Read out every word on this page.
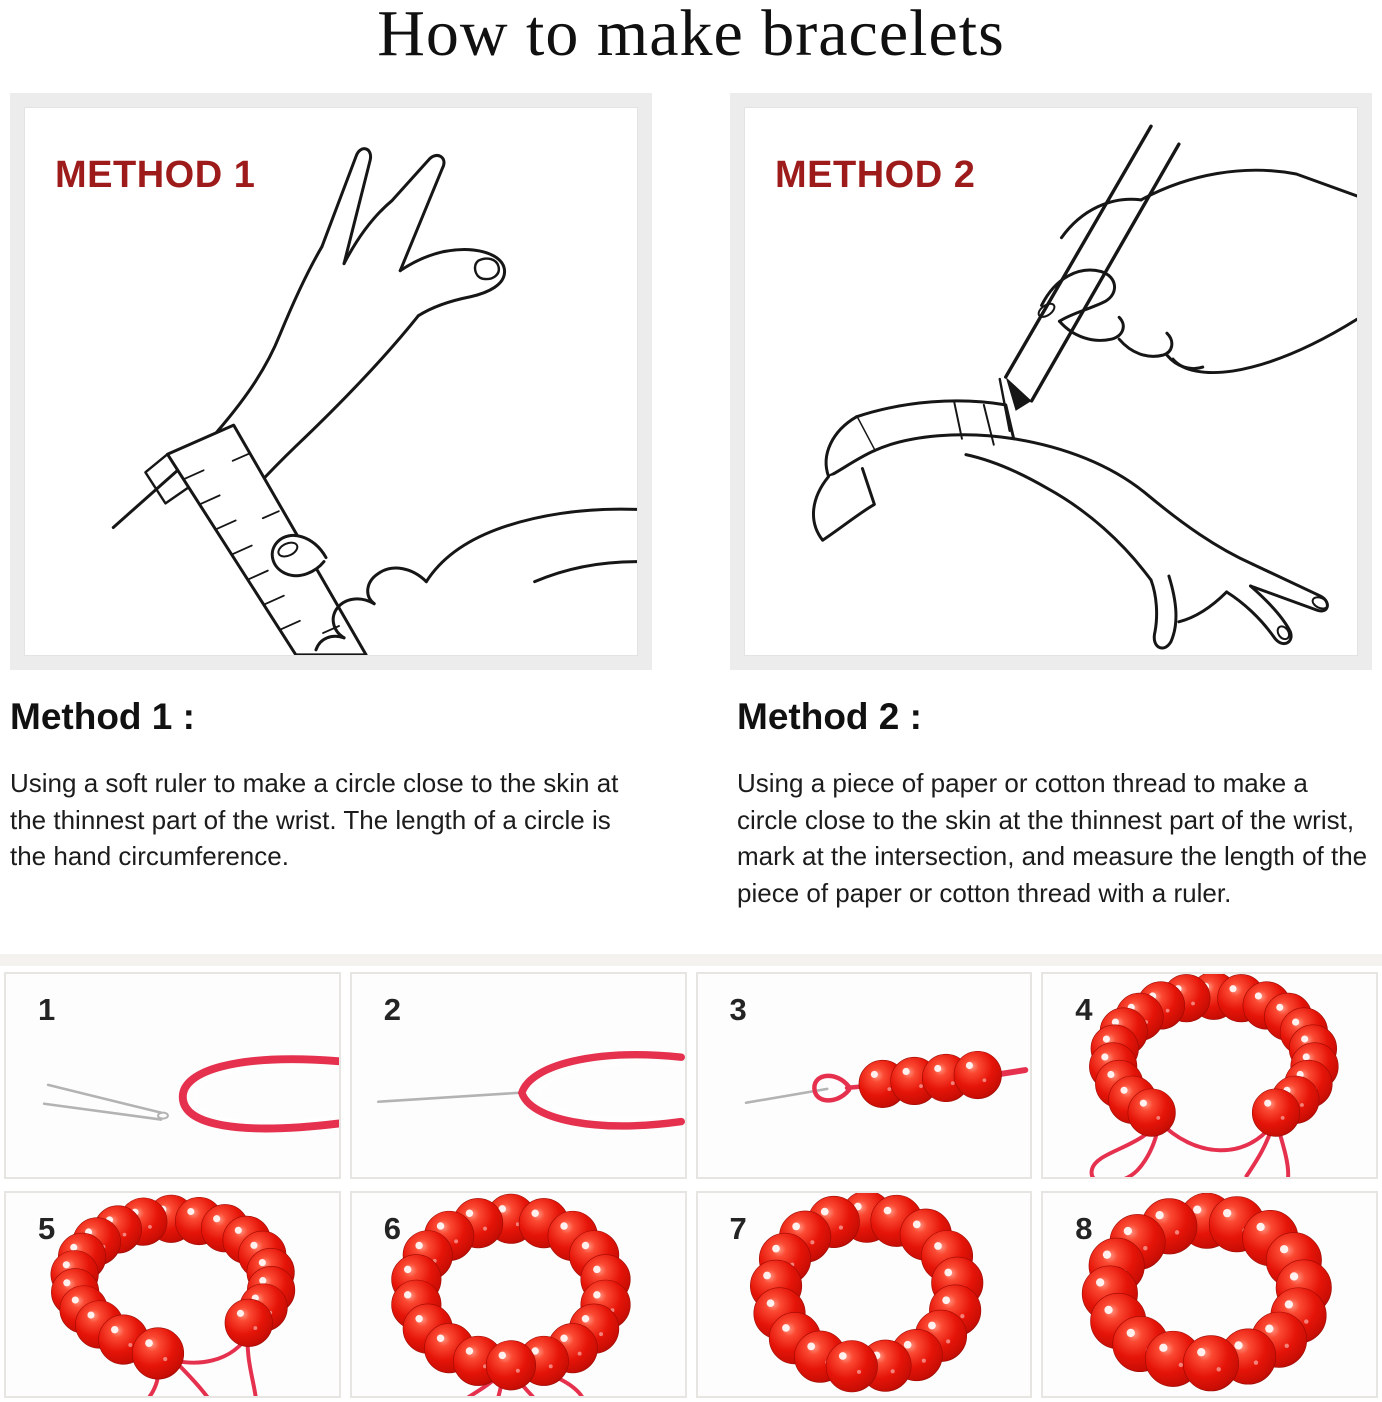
How to make bracelets
METHOD 1	METHOD 2
Method 1 :

Using a soft ruler to make a circle close to the skin at the thinnest part of the wrist. The length of a circle is the hand circumference.

Method 2 :

Using a piece of paper or cotton thread to make a circle close to the skin at the thinnest part of the wrist, mark at the intersection, and measure the length of the piece of paper or cotton thread with a ruler.

1	2	3	4
5	6	7	8
